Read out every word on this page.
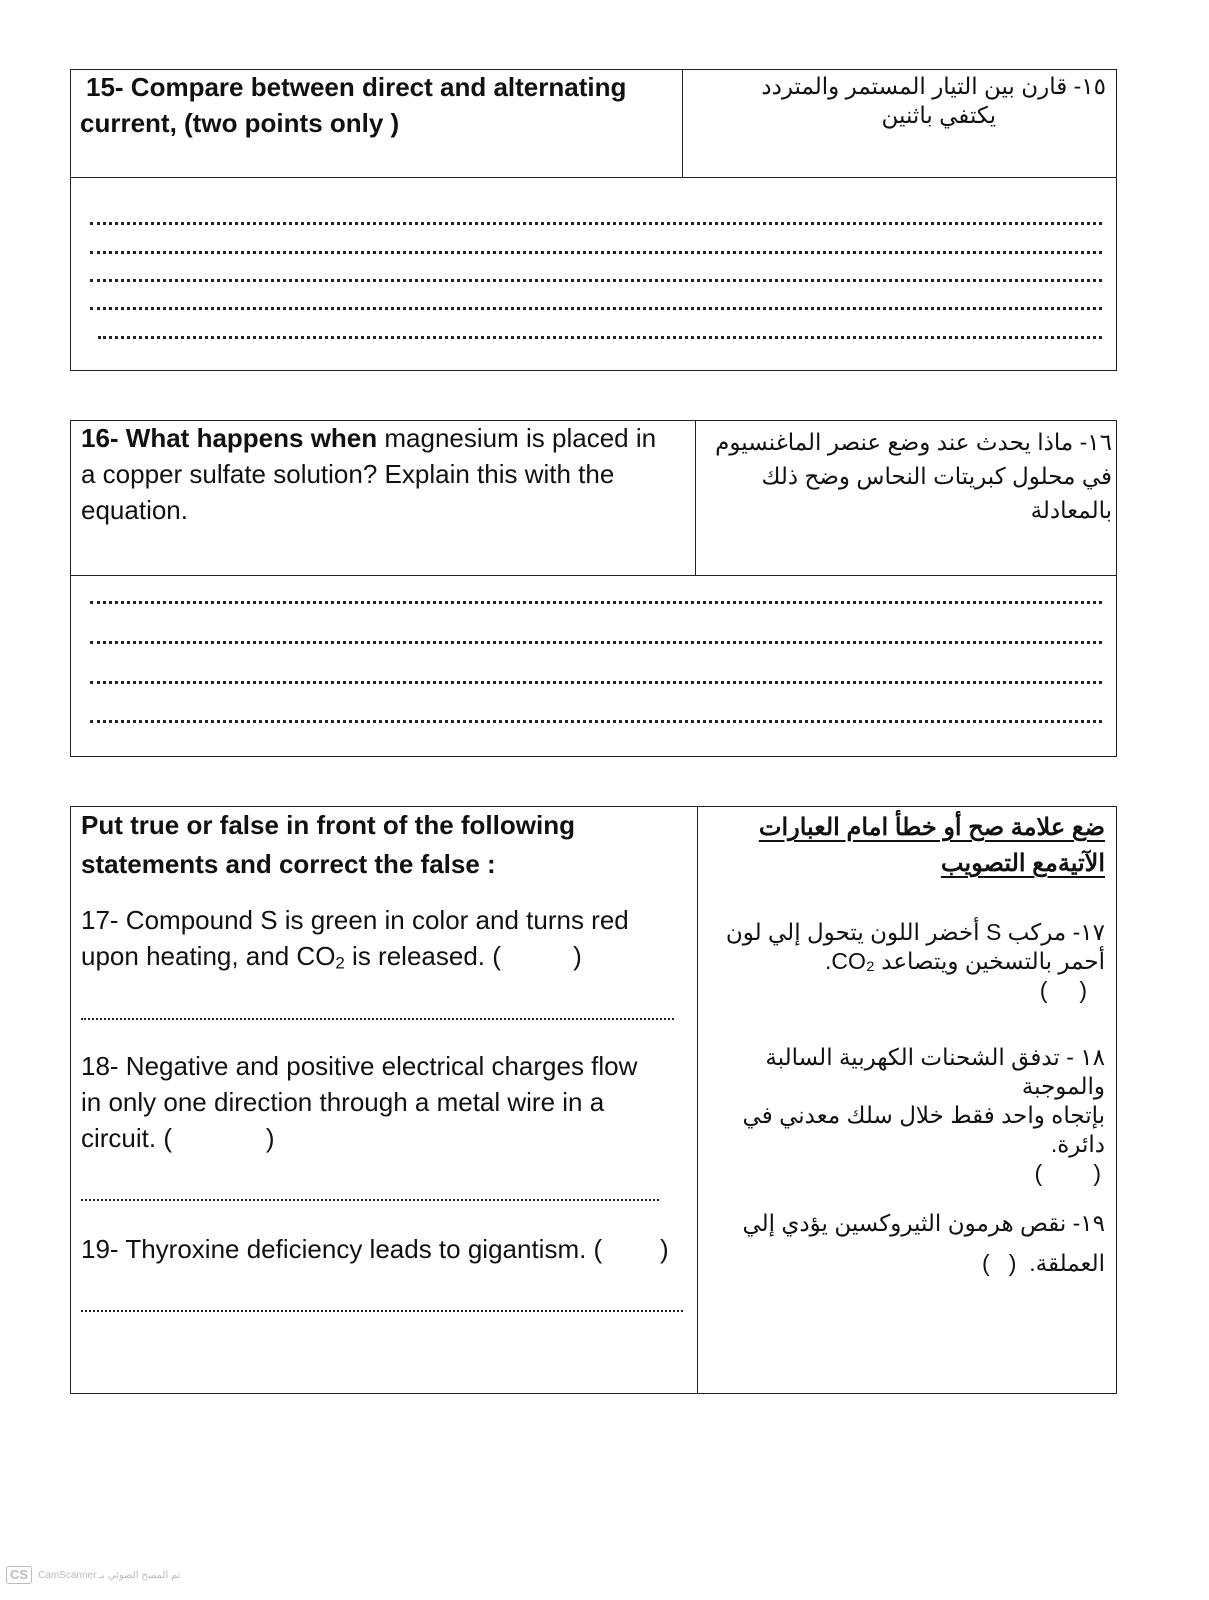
15- Compare between direct and alternating
current, (two points only )
١٥- قارن بين التيار المستمر والمتردد
يكتفي باثنين
16- What happens when magnesium is placed in
a copper sulfate solution? Explain this with the
equation.
١٦- ماذا يحدث عند وضع عنصر الماغنسيوم
في محلول كبريتات النحاس وضح ذلك
بالمعادلة
Put true or false in front of the following
statements and correct the false :
ضع علامة صح أو خطأ امام العبارات
الآتيةمع التصويب
17- Compound S is green in color and turns red
upon heating, and $CO_2$ is released. (          )
١٧- مركب S أخضر اللون يتحول إلي لون
أحمر بالتسخين ويتصاعد CO₂.
(     )
18- Negative and positive electrical charges flow
in only one direction through a metal wire in a
circuit. (             )
١٨ - تدفق الشحنات الكهربية السالبة والموجبة
بإتجاه واحد فقط خلال سلك معدني في دائرة.
(        )
19- Thyroxine deficiency leads to gigantism. (        )
١٩- نقص هرمون الثيروكسين يؤدي إلي
العملقة.  (   )
CS	CamScanner تم المسح الضوئي بـ
